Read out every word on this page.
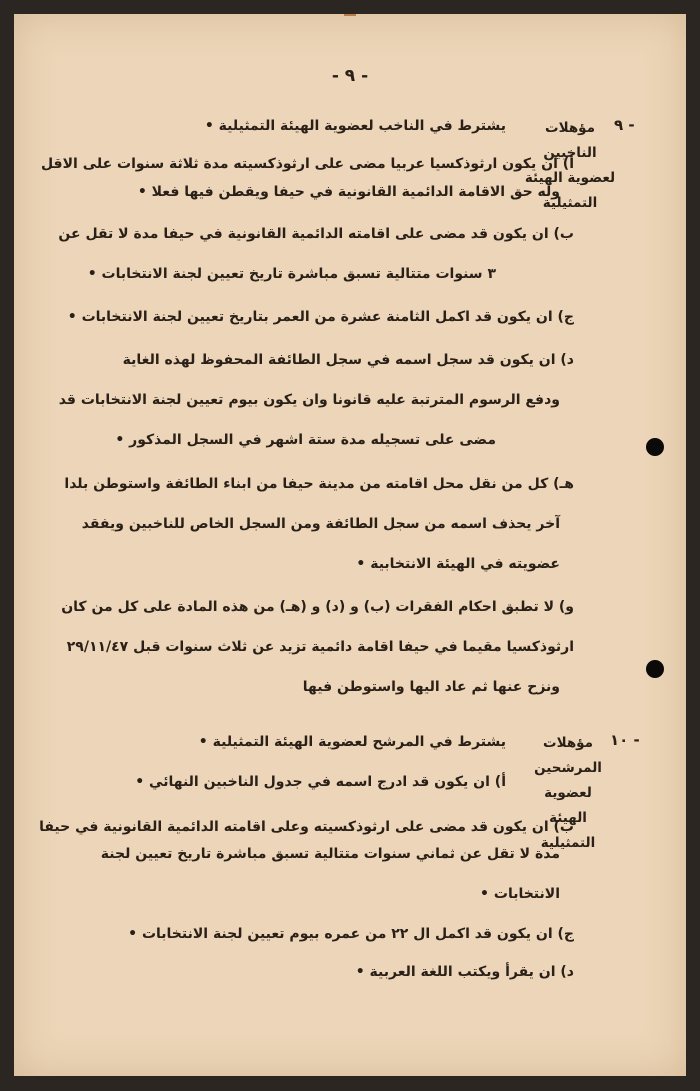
- ٩ -
٩ -
مؤهلات
الناخبين
لعضوية الهيئة
التمثيلية
يشترط في الناخب لعضوية الهيئة التمثيلية •
أ) ان يكون ارثوذكسيا عربيا مضى على ارثوذكسيته مدة ثلاثة سنوات على الاقل
وله حق الاقامة الدائمية القانونية في حيفا ويقطن فيها فعلا •
ب) ان يكون قد مضى على اقامته الدائمية القانونية في حيفا مدة لا تقل عن
٣ سنوات متتالية تسبق مباشرة تاريخ تعيين لجنة الانتخابات •
ج) ان يكون قد اكمل الثامنة عشرة من العمر بتاريخ تعيين لجنة الانتخابات •
د) ان يكون قد سجل اسمه في سجل الطائفة المحفوظ لهذه الغاية
ودفع الرسوم المترتبة عليه قانونا وان يكون بيوم تعيين لجنة الانتخابات قد
مضى على تسجيله مدة ستة اشهر في السجل المذكور •
هـ) كل من نقل محل اقامته من مدينة حيفا من ابناء الطائفة واستوطن بلدا
آخر يحذف اسمه من سجل الطائفة ومن السجل الخاص للناخبين ويفقد
عضويته في الهيئة الانتخابية •
و) لا تطبق احكام الفقرات (ب) و (د) و (هـ) من هذه المادة على كل من كان
ارثوذكسيا مقيما في حيفا اقامة دائمية تزيد عن ثلاث سنوات قبل ٢٩/١١/٤٧
ونزح عنها ثم عاد اليها واستوطن فيها
١٠ -
مؤهلات
المرشحين
لعضوية
الهيئة
التمثيلية
يشترط في المرشح لعضوية الهيئة التمثيلية •
أ) ان يكون قد ادرج اسمه في جدول الناخبين النهائي •
ب) ان يكون قد مضى على ارثوذكسيته وعلى اقامته الدائمية القانونية في حيفا
مدة لا تقل عن ثماني سنوات متتالية تسبق مباشرة تاريخ تعيين لجنة
الانتخابات •
ج) ان يكون قد اكمل ال ٢٢ من عمره بيوم تعيين لجنة الانتخابات •
د) ان يقرأ ويكتب اللغة العربية •
